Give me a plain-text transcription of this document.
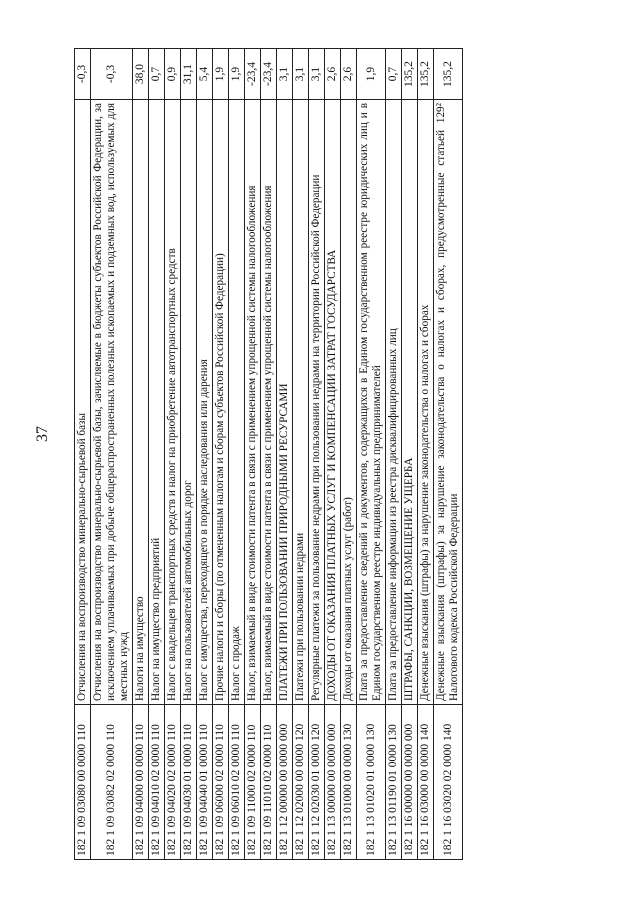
37
182 1 09 03080 00 0000 110	Отчисления на воспроизводство минерально-сырьевой базы	-0,3
182 1 09 03082 02 0000 110	Отчисления на воспроизводство минерально-сырьевой базы, зачисляемые в бюджеты субъектов Российской Федерации, за исключением уплачиваемых при добыче общераспространенных полезных ископаемых и подземных вод, используемых для местных нужд	-0,3
182 1 09 04000 00 0000 110	Налоги на имущество	38,0
182 1 09 04010 02 0000 110	Налог на имущество предприятий	0,7
182 1 09 04020 02 0000 110	Налог с владельцев транспортных средств и налог на приобретение автотранспортных средств	0,9
182 1 09 04030 01 0000 110	Налог на пользователей автомобильных дорог	31,1
182 1 09 04040 01 0000 110	Налог с имущества, переходящего в порядке наследования или дарения	5,4
182 1 09 06000 02 0000 110	Прочие налоги и сборы (по отмененным налогам и сборам субъектов Российской Федерации)	1,9
182 1 09 06010 02 0000 110	Налог с продаж	1,9
182 1 09 11000 02 0000 110	Налог, взимаемый в виде стоимости патента в связи с применением упрощенной системы налогообложения	-23,4
182 1 09 11010 02 0000 110	Налог, взимаемый в виде стоимости патента в связи с применением упрощенной системы налогообложения	-23,4
182 1 12 00000 00 0000 000	ПЛАТЕЖИ ПРИ ПОЛЬЗОВАНИИ ПРИРОДНЫМИ РЕСУРСАМИ	3,1
182 1 12 02000 00 0000 120	Платежи при пользовании недрами	3,1
182 1 12 02030 01 0000 120	Регулярные платежи за пользование недрами при пользовании недрами на территории Российской Федерации	3,1
182 1 13 00000 00 0000 000	ДОХОДЫ ОТ ОКАЗАНИЯ ПЛАТНЫХ УСЛУГ И КОМПЕНСАЦИИ ЗАТРАТ ГОСУДАРСТВА	2,6
182 1 13 01000 00 0000 130	Доходы от оказания платных услуг (работ)	2,6
182 1 13 01020 01 0000 130	Плата за предоставление сведений и документов, содержащихся в Едином государственном реестре юридических лиц и в Едином государственном реестре индивидуальных предпринимателей	1,9
182 1 13 01190 01 0000 130	Плата за предоставление информации из реестра дисквалифицированных лиц	0,7
182 1 16 00000 00 0000 000	ШТРАФЫ, САНКЦИИ, ВОЗМЕЩЕНИЕ УЩЕРБА	135,2
182 1 16 03000 00 0000 140	Денежные взыскания (штрафы) за нарушение законодательства о налогах и сборах	135,2
182 1 16 03020 02 0000 140	Денежные взыскания (штрафы) за нарушение законодательства о налогах и сборах, предусмотренные статьей 129² Налогового кодекса Российской Федерации	135,2
